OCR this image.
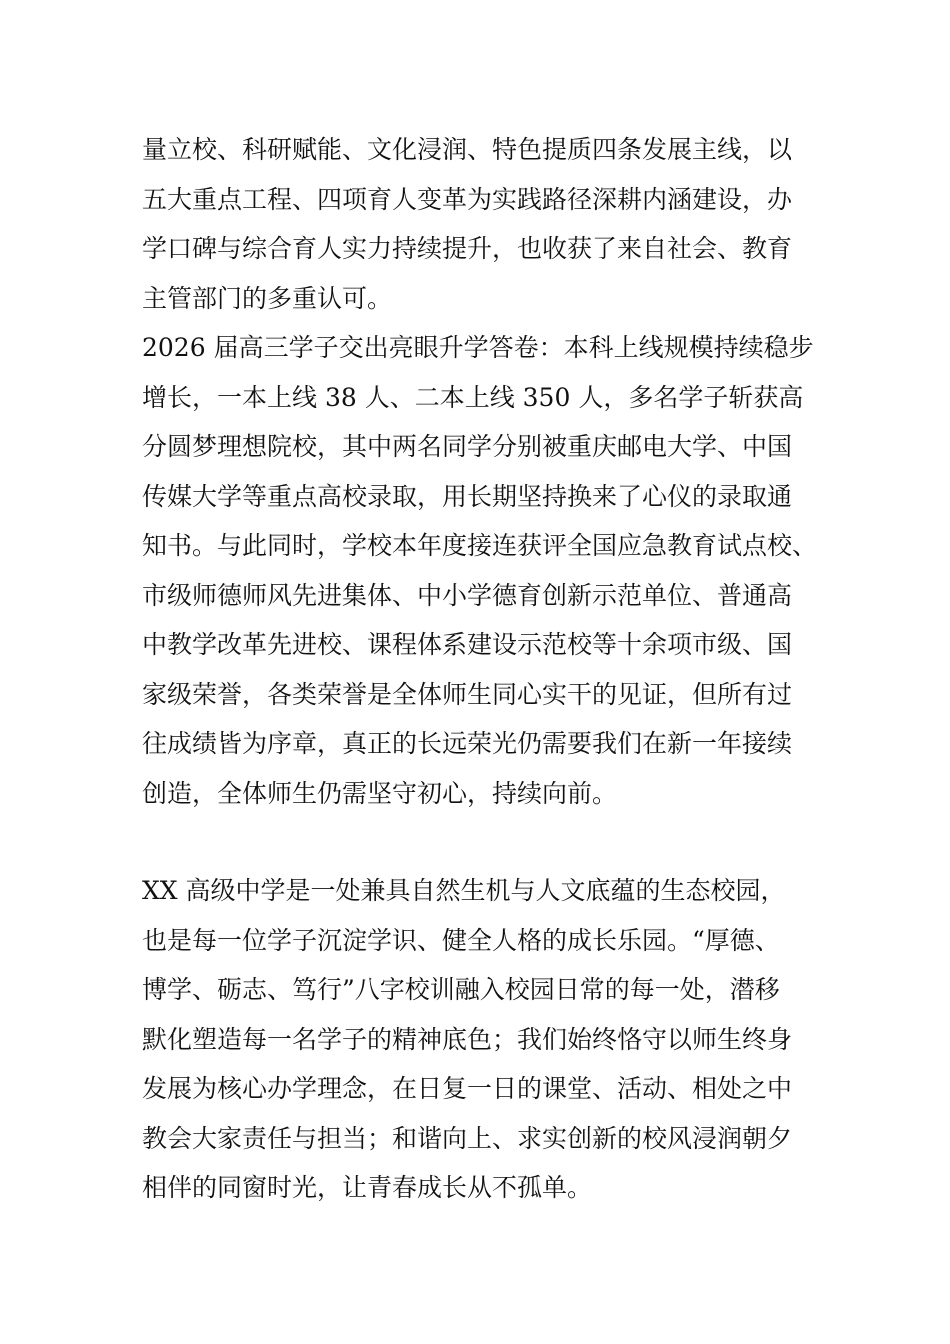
量立校、科研赋能、文化浸润、特色提质四条发展主线，以
五大重点工程、四项育人变革为实践路径深耕内涵建设，办
学口碑与综合育人实力持续提升，也收获了来自社会、教育
主管部门的多重认可。
2026 届高三学子交出亮眼升学答卷：本科上线规模持续稳步
增长，一本上线 38 人、二本上线 350 人，多名学子斩获高
分圆梦理想院校，其中两名同学分别被重庆邮电大学、中国
传媒大学等重点高校录取，用长期坚持换来了心仪的录取通
知书。与此同时，学校本年度接连获评全国应急教育试点校、
市级师德师风先进集体、中小学德育创新示范单位、普通高
中教学改革先进校、课程体系建设示范校等十余项市级、国
家级荣誉，各类荣誉是全体师生同心实干的见证，但所有过
往成绩皆为序章，真正的长远荣光仍需要我们在新一年接续
创造，全体师生仍需坚守初心，持续向前。
XX 高级中学是一处兼具自然生机与人文底蕴的生态校园，
也是每一位学子沉淀学识、健全人格的成长乐园。“厚德、
博学、砺志、笃行”八字校训融入校园日常的每一处，潜移
默化塑造每一名学子的精神底色；我们始终恪守以师生终身
发展为核心办学理念，在日复一日的课堂、活动、相处之中
教会大家责任与担当；和谐向上、求实创新的校风浸润朝夕
相伴的同窗时光，让青春成长从不孤单。
